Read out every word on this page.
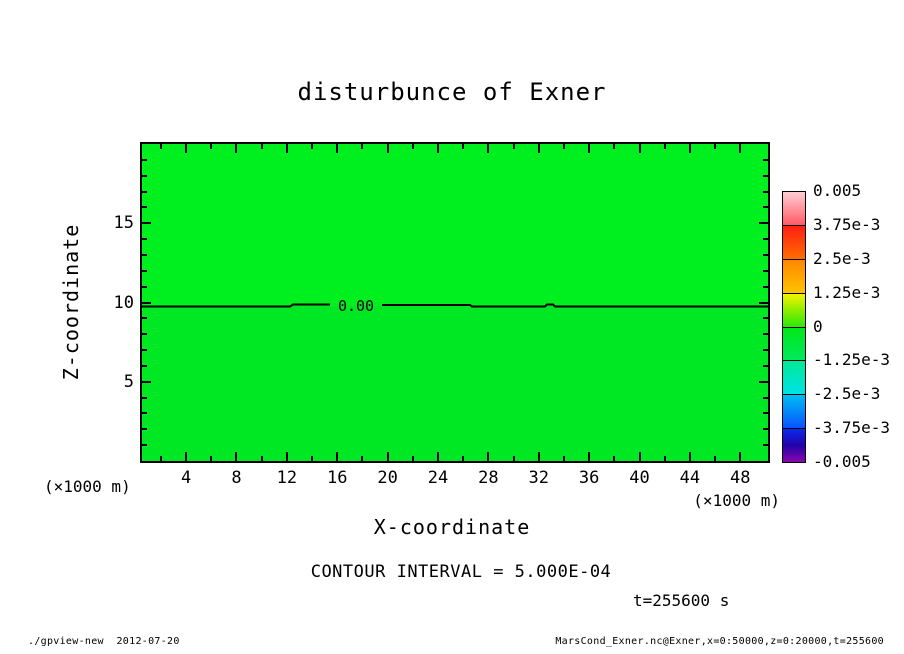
disturbunce of Exner
0.00
Z-coordinate
X-coordinate
(×1000 m)
(×1000 m)
CONTOUR INTERVAL = 5.000E-04
t=255600 s
./gpview-new  2012-07-20	MarsCond_Exner.nc@Exner,x=0:50000,z=0:20000,t=255600
4 8 12 16 20 24 28 32 36 40 44 48
5
10
15
0.005
3.75e-3
2.5e-3
1.25e-3
0
-1.25e-3
-2.5e-3
-3.75e-3
-0.005
